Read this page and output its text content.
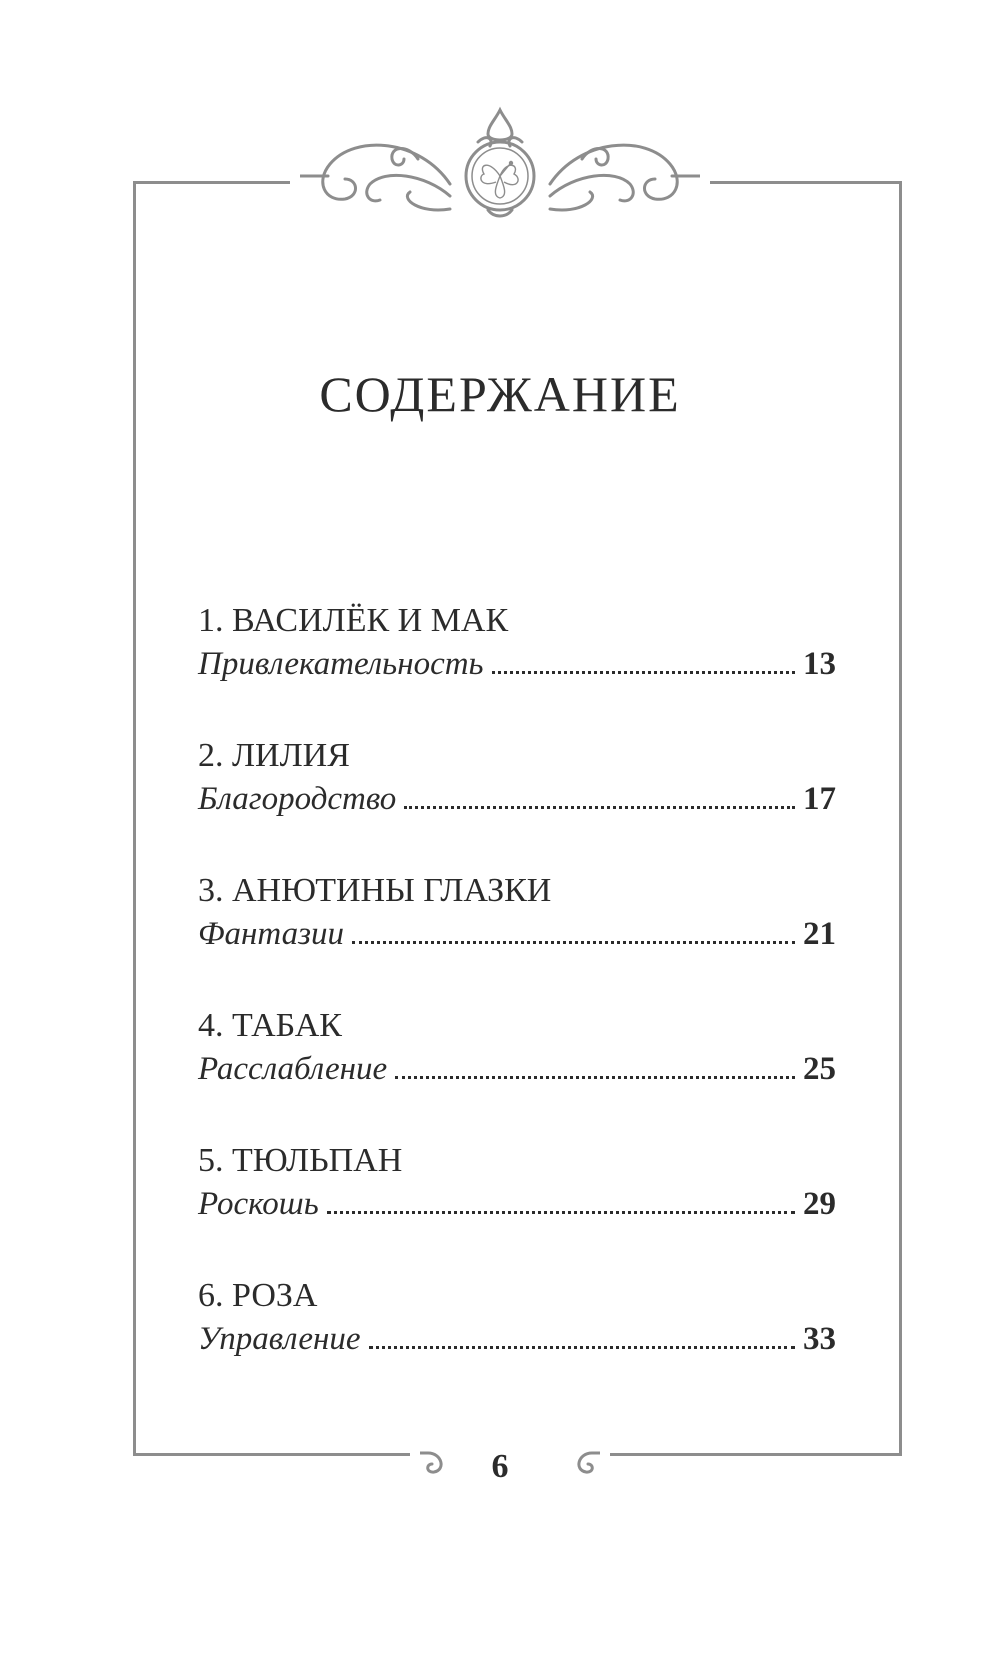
СОДЕРЖАНИЕ
1. ВАСИЛЁК И МАК
Привлекательность	13
2. ЛИЛИЯ
Благородство	17
3. АНЮТИНЫ ГЛАЗКИ
Фантазии	21
4. ТАБАК
Расслабление	25
5. ТЮЛЬПАН
Роскошь	29
6. РОЗА
Управление	33
6
